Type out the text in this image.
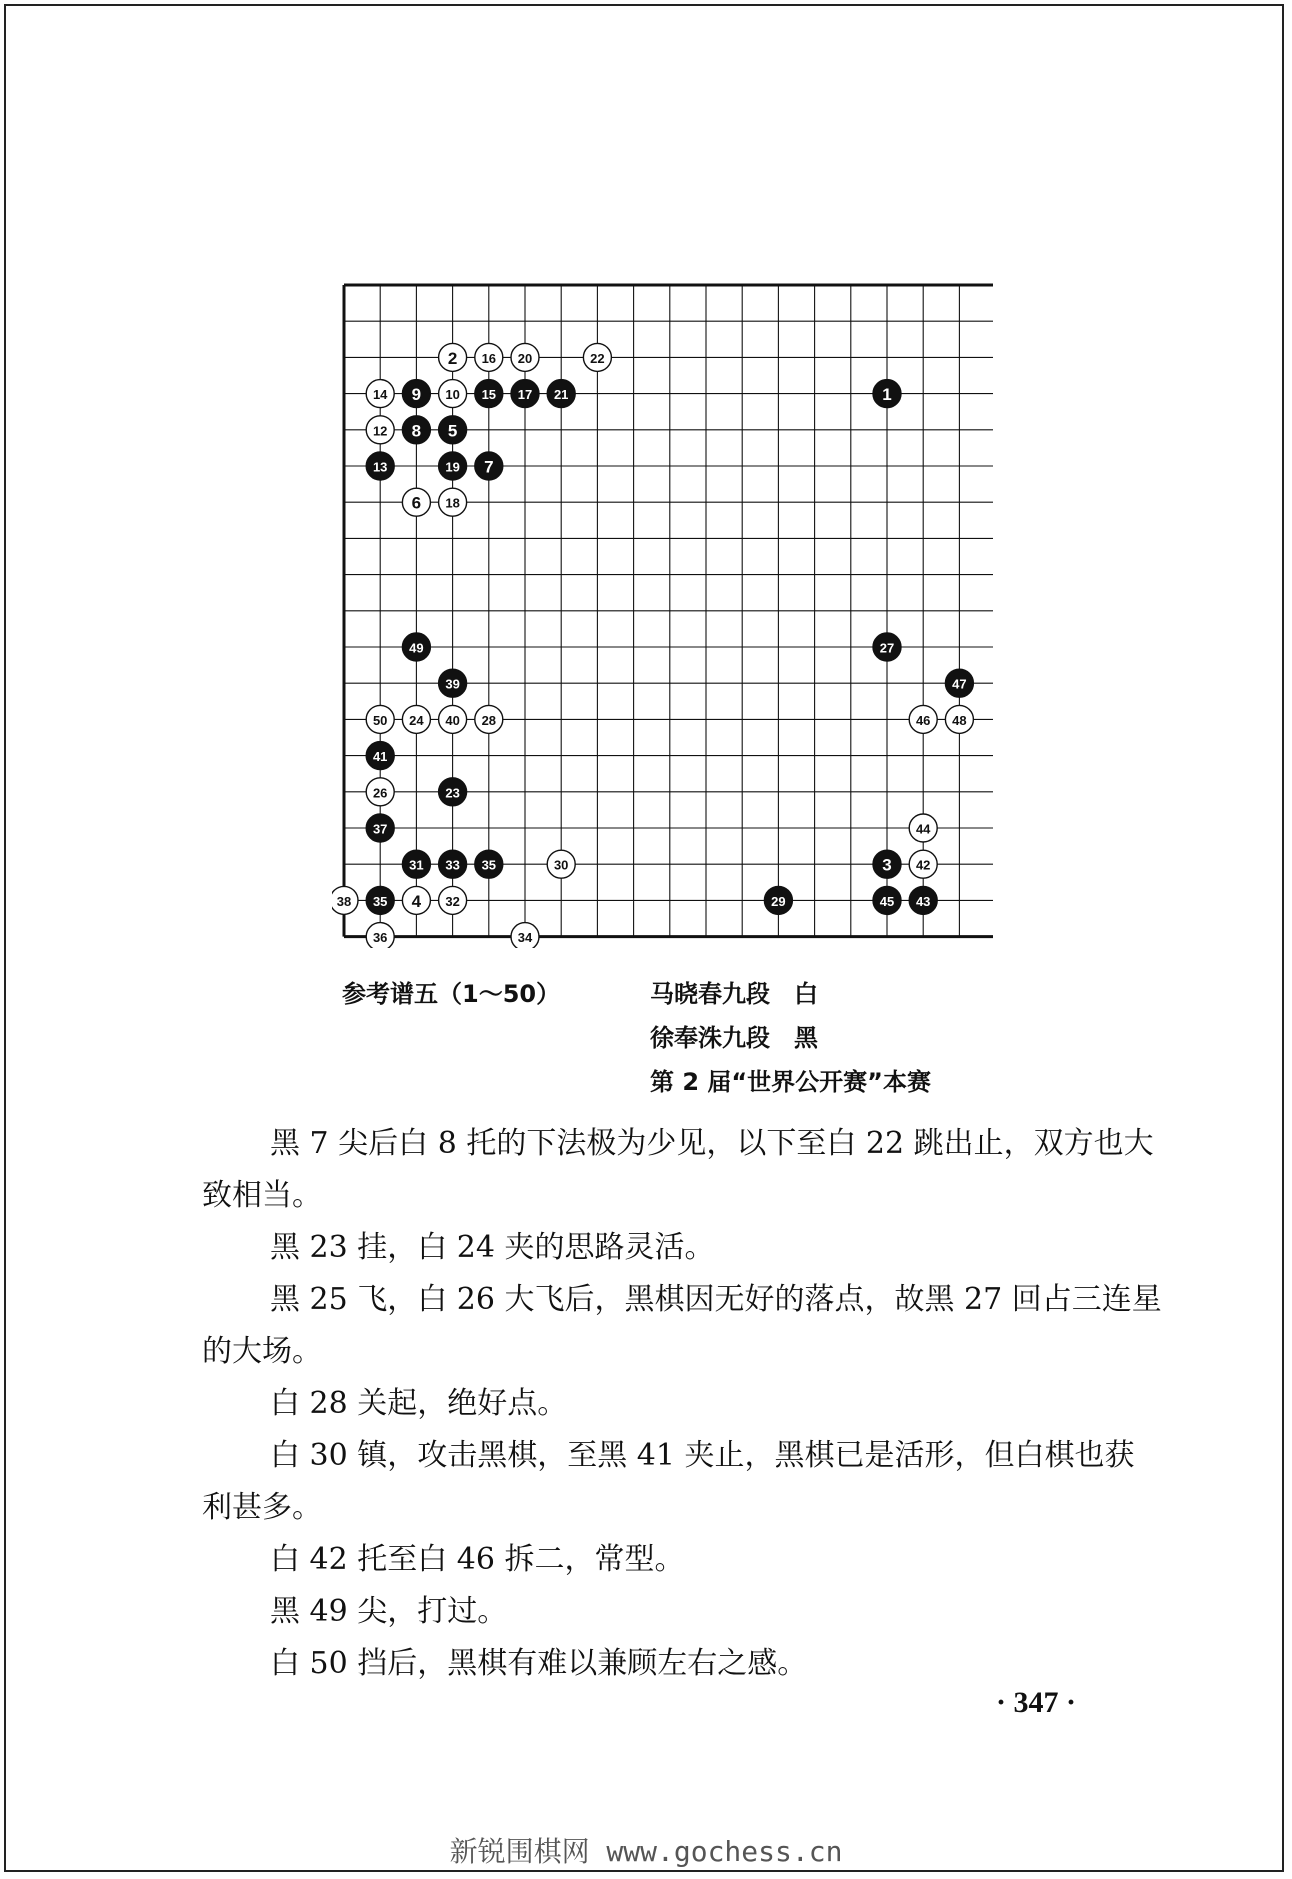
1
2
3
4
5
6
7
8
9 10
12
13
14	15
16
17
18
19
20
21
22
23
24
26
27
28
29
30
31
32
33
34
35
35
36
37
38
39
40
41
42
43
44
45
46
47
48
49
50
参考谱五（1～50）	马晓春九段　白
徐奉洙九段　黑
第 2 届“世界公开赛”本赛

黑 7 尖后白 8 托的下法极为少见，以下至白 22 跳出止，双方也大致相当。

黑 23 挂，白 24 夹的思路灵活。

黑 25 飞，白 26 大飞后，黑棋因无好的落点，故黑 27 回占三连星的大场。

白 28 关起，绝好点。

白 30 镇，攻击黑棋，至黑 41 夹止，黑棋已是活形，但白棋也获利甚多。

白 42 托至白 46 拆二，常型。

黑 49 尖，打过。

白 50 挡后，黑棋有难以兼顾左右之感。

· 347 ·
新锐围棋网 www.gochess.cn
